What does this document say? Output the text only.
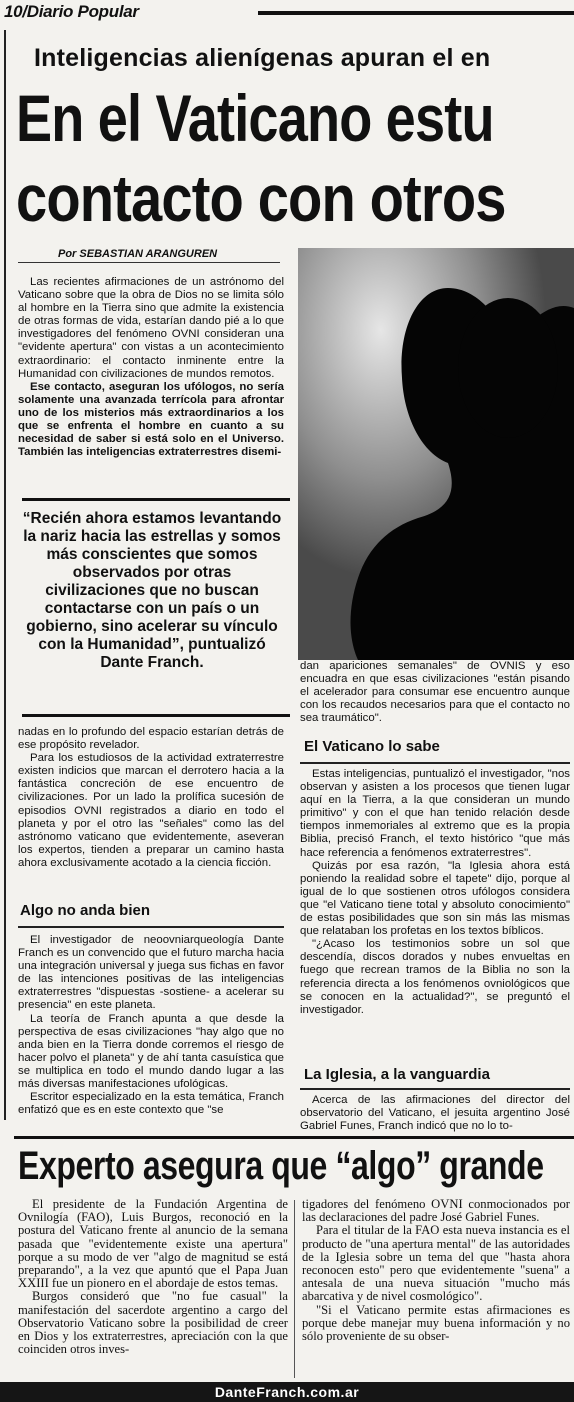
10/Diario Popular
Inteligencias alienígenas apuran el en
En el Vaticano estu
contacto con otros
Por SEBASTIAN ARANGUREN

Las recientes afirmaciones de un astrónomo del Vaticano sobre que la obra de Dios no se limita sólo al hombre en la Tierra sino que admite la existencia de otras formas de vida, estarían dando pié a lo que investigadores del fenómeno OVNI consideran una "evidente apertura" con vistas a un acontecimiento extraordinario: el contacto inminente entre la Humanidad con civilizaciones de mundos remotos.

Ese contacto, aseguran los ufólogos, no sería solamente una avanzada terrícola para afrontar uno de los misterios más extraordinarios a los que se enfrenta el hombre en cuanto a su necesidad de saber si está solo en el Universo. También las inteligencias extraterrestres disemi-

“Recién ahora estamos levantando la nariz hacia las estrellas y somos más conscientes que somos observados por otras civilizaciones que no buscan contactarse con un país o un gobierno, sino acelerar su vínculo con la Humanidad”, puntualizó Dante Franch.

nadas en lo profundo del espacio estarían detrás de ese propósito revelador.

Para los estudiosos de la actividad extraterrestre existen indicios que marcan el derrotero hacia a la fantástica concreción de ese encuentro de civilizaciones. Por un lado la prolífica sucesión de episodios OVNI registrados a diario en todo el planeta y por el otro las "señales" como las del astrónomo vaticano que evidentemente, aseveran los expertos, tienden a preparar un camino hasta ahora exclusivamente acotado a la ciencia ficción.

Algo no anda bien

El investigador de neoovniarqueología Dante Franch es un convencido que el futuro marcha hacia una integración universal y juega sus fichas en favor de las intenciones positivas de las inteligencias extraterrestres "dispuestas -sostiene- a acelerar su presencia" en este planeta.

La teoría de Franch apunta a que desde la perspectiva de esas civilizaciones "hay algo que no anda bien en la Tierra donde corremos el riesgo de hacer polvo el planeta" y de ahí tanta casuística que se multiplica en todo el mundo dando lugar a las más diversas manifestaciones ufológicas.

Escritor especializado en la esta temática, Franch enfatizó que es en este contexto que "se

dan apariciones semanales" de OVNIS y eso encuadra en que esas civilizaciones "están pisando el acelerador para consumar ese encuentro aunque con los recaudos necesarios para que el contacto no sea traumático".

El Vaticano lo sabe

Estas inteligencias, puntualizó el investigador, "nos observan y asisten a los procesos que tienen lugar aquí en la Tierra, a la que consideran un mundo primitivo" y con el que han tenido relación desde tiempos inmemoriales al extremo que es la propia Biblia, precisó Franch, el texto histórico "que más hace referencia a fenómenos extraterrestres".

Quizás por esa razón, "la Iglesia ahora está poniendo la realidad sobre el tapete" dijo, porque al igual de lo que sostienen otros ufólogos considera que "el Vaticano tiene total y absoluto conocimiento" de estas posibilidades que son sin más las mismas que relataban los profetas en los textos bíblicos.

"¿Acaso los testimonios sobre un sol que descendía, discos dorados y nubes envueltas en fuego que recrean tramos de la Biblia no son la referencia directa a los fenómenos ovniológicos que se conocen en la actualidad?", se preguntó el investigador.

La Iglesia, a la vanguardia

Acerca de las afirmaciones del director del observatorio del Vaticano, el jesuita argentino José Gabriel Funes, Franch indicó que no lo to-

Experto asegura que “algo” grande

El presidente de la Fundación Argentina de Ovnilogía (FAO), Luis Burgos, reconoció en la postura del Vaticano frente al anuncio de la semana pasada que "evidentemente existe una apertura" porque a su modo de ver "algo de magnitud se está preparando", a la vez que apuntó que el Papa Juan XXIII fue un pionero en el abordaje de estos temas.

Burgos consideró que "no fue casual" la manifestación del sacerdote argentino a cargo del Observatorio Vaticano sobre la posibilidad de creer en Dios y los extraterrestres, apreciación con la que coinciden otros inves-

tigadores del fenómeno OVNI conmocionados por las declaraciones del padre José Gabriel Funes.

Para el titular de la FAO esta nueva instancia es el producto de "una apertura mental" de las autoridades de la Iglesia sobre un tema del que "hasta ahora reconocen esto" pero que evidentemente "suena" a antesala de una nueva situación "mucho más abarcativa y de nivel cosmológico".

"Si el Vaticano permite estas afirmaciones es porque debe manejar muy buena información y no sólo proveniente de su obser-

DanteFranch.com.ar
